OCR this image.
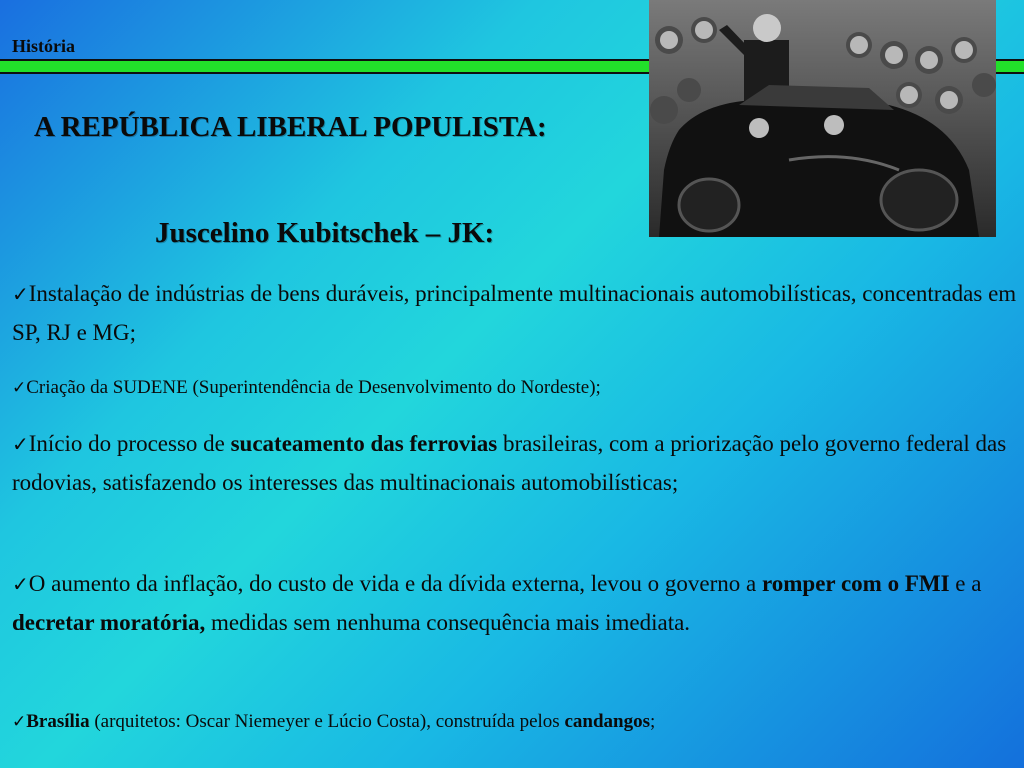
História
A REPÚBLICA LIBERAL POPULISTA:
Juscelino Kubitschek – JK:
✓Instalação de indústrias de bens duráveis, principalmente multinacionais automobilísticas, concentradas em SP, RJ e MG;
✓Criação da SUDENE (Superintendência de Desenvolvimento do Nordeste);
✓Início do processo de sucateamento das ferrovias brasileiras, com a priorização pelo governo federal das rodovias, satisfazendo os interesses das multinacionais automobilísticas;
✓O aumento da inflação, do custo de vida e da dívida externa, levou o governo a romper com o FMI e a decretar moratória, medidas sem nenhuma consequência mais imediata.
✓Brasília (arquitetos: Oscar Niemeyer e Lúcio Costa), construída pelos candangos;
